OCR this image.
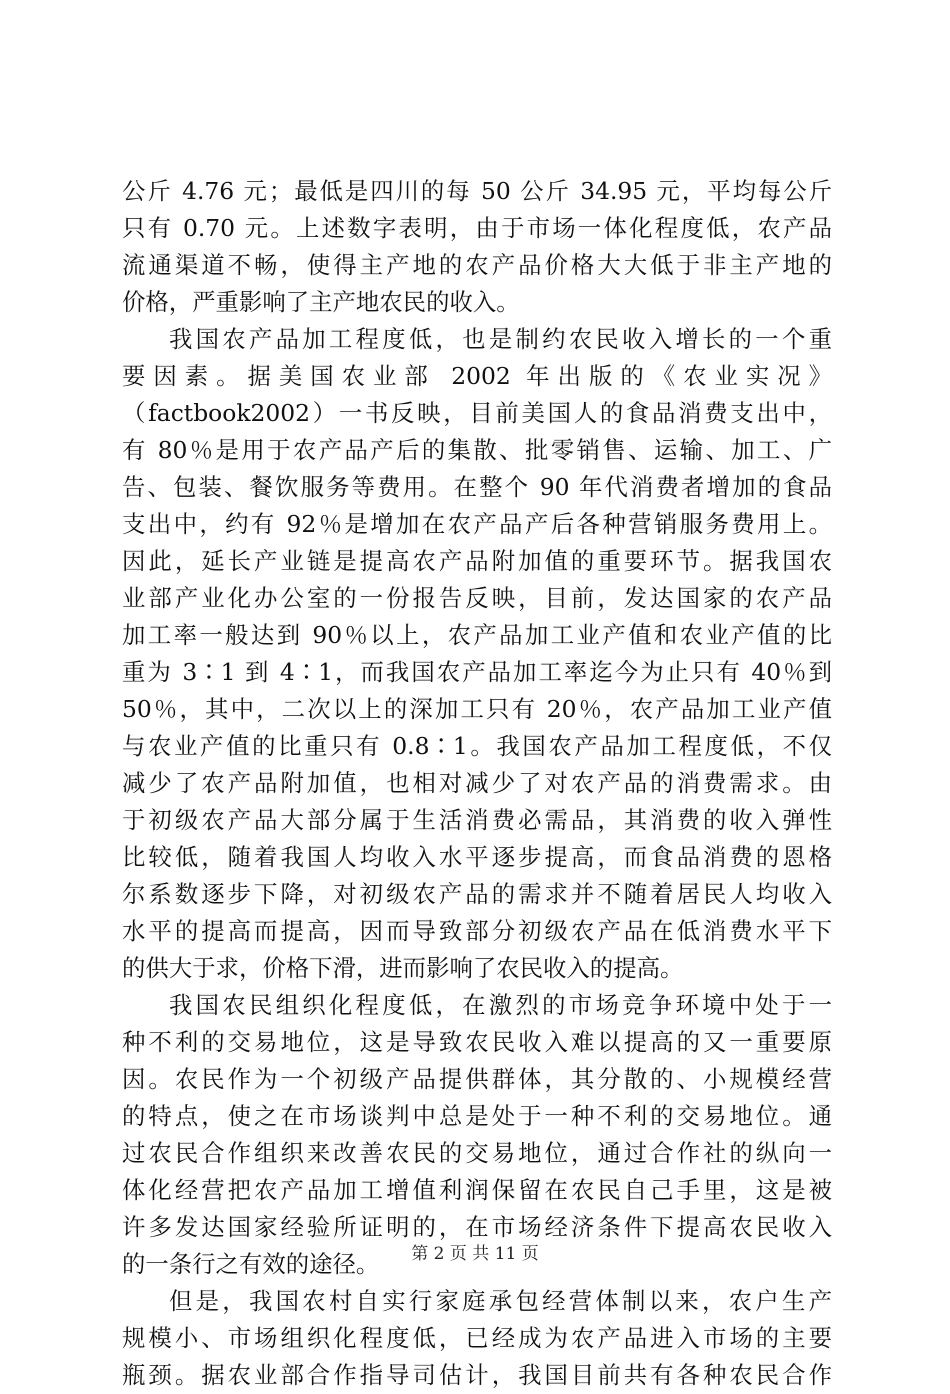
公斤 4.76 元；最低是四川的每 50 公斤 34.95 元，平均每公斤
只有 0.70 元。上述数字表明，由于市场一体化程度低，农产品
流通渠道不畅，使得主产地的农产品价格大大低于非主产地的
价格，严重影响了主产地农民的收入。
我国农产品加工程度低，也是制约农民收入增长的一个重
要因素。据美国农业部 2002 年出版的《农业实况》
（factbook2002）一书反映，目前美国人的食品消费支出中，
有 80％是用于农产品产后的集散、批零销售、运输、加工、广
告、包装、餐饮服务等费用。在整个 90 年代消费者增加的食品
支出中，约有 92％是增加在农产品产后各种营销服务费用上。
因此，延长产业链是提高农产品附加值的重要环节。据我国农
业部产业化办公室的一份报告反映，目前，发达国家的农产品
加工率一般达到 90％以上，农产品加工业产值和农业产值的比
重为 3∶1 到 4∶1，而我国农产品加工率迄今为止只有 40％到
50％，其中，二次以上的深加工只有 20％，农产品加工业产值
与农业产值的比重只有 0.8∶1。我国农产品加工程度低，不仅
减少了农产品附加值，也相对减少了对农产品的消费需求。由
于初级农产品大部分属于生活消费必需品，其消费的收入弹性
比较低，随着我国人均收入水平逐步提高，而食品消费的恩格
尔系数逐步下降，对初级农产品的需求并不随着居民人均收入
水平的提高而提高，因而导致部分初级农产品在低消费水平下
的供大于求，价格下滑，进而影响了农民收入的提高。
我国农民组织化程度低，在激烈的市场竞争环境中处于一
种不利的交易地位，这是导致农民收入难以提高的又一重要原
因。农民作为一个初级产品提供群体，其分散的、小规模经营
的特点，使之在市场谈判中总是处于一种不利的交易地位。通
过农民合作组织来改善农民的交易地位，通过合作社的纵向一
体化经营把农产品加工增值利润保留在农民自己手里，这是被
许多发达国家经验所证明的，在市场经济条件下提高农民收入
的一条行之有效的途径。
但是，我国农村自实行家庭承包经营体制以来，农户生产
规模小、市场组织化程度低，已经成为农产品进入市场的主要
瓶颈。据农业部合作指导司估计，我国目前共有各种农民合作
第 2 页 共 11 页
